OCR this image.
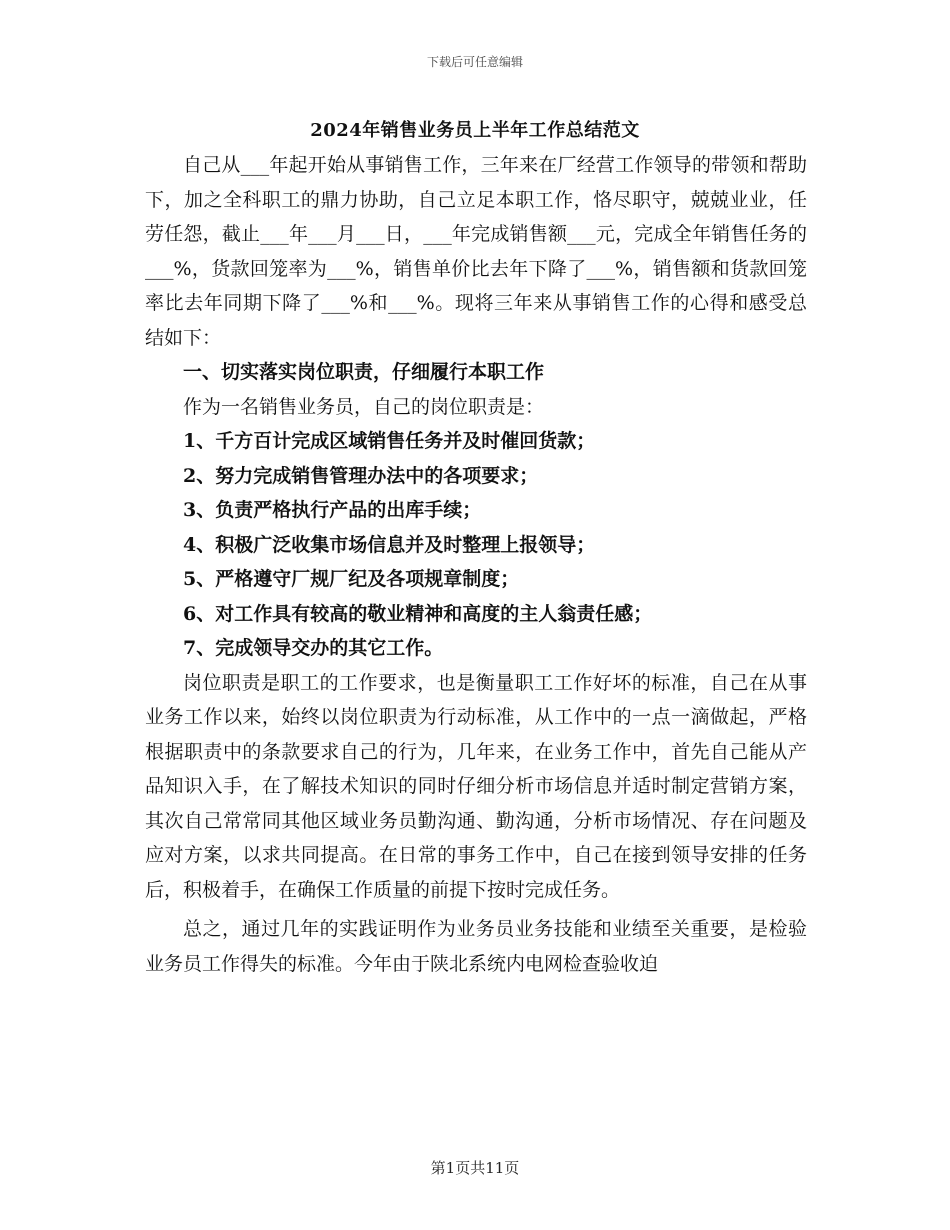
下载后可任意编辑
2024年销售业务员上半年工作总结范文

自己从___年起开始从事销售工作，三年来在厂经营工作领导的带领和帮助下，加之全科职工的鼎力协助，自己立足本职工作，恪尽职守，兢兢业业，任劳任怨，截止___年___月___日，___年完成销售额___元，完成全年销售任务的___%，货款回笼率为___%，销售单价比去年下降了___%，销售额和货款回笼率比去年同期下降了___%和___%。现将三年来从事销售工作的心得和感受总结如下：

一、切实落实岗位职责，仔细履行本职工作

作为一名销售业务员，自己的岗位职责是：

1、千方百计完成区域销售任务并及时催回货款；

2、努力完成销售管理办法中的各项要求；

3、负责严格执行产品的出库手续；

4、积极广泛收集市场信息并及时整理上报领导；

5、严格遵守厂规厂纪及各项规章制度；

6、对工作具有较高的敬业精神和高度的主人翁责任感；

7、完成领导交办的其它工作。

岗位职责是职工的工作要求，也是衡量职工工作好坏的标准，自己在从事业务工作以来，始终以岗位职责为行动标准，从工作中的一点一滴做起，严格根据职责中的条款要求自己的行为，几年来，在业务工作中，首先自己能从产品知识入手，在了解技术知识的同时仔细分析市场信息并适时制定营销方案，其次自己常常同其他区域业务员勤沟通、勤沟通，分析市场情况、存在问题及应对方案，以求共同提高。在日常的事务工作中，自己在接到领导安排的任务后，积极着手，在确保工作质量的前提下按时完成任务。

总之，通过几年的实践证明作为业务员业务技能和业绩至关重要，是检验业务员工作得失的标准。今年由于陕北系统内电网检查验收迫

第1页共11页
